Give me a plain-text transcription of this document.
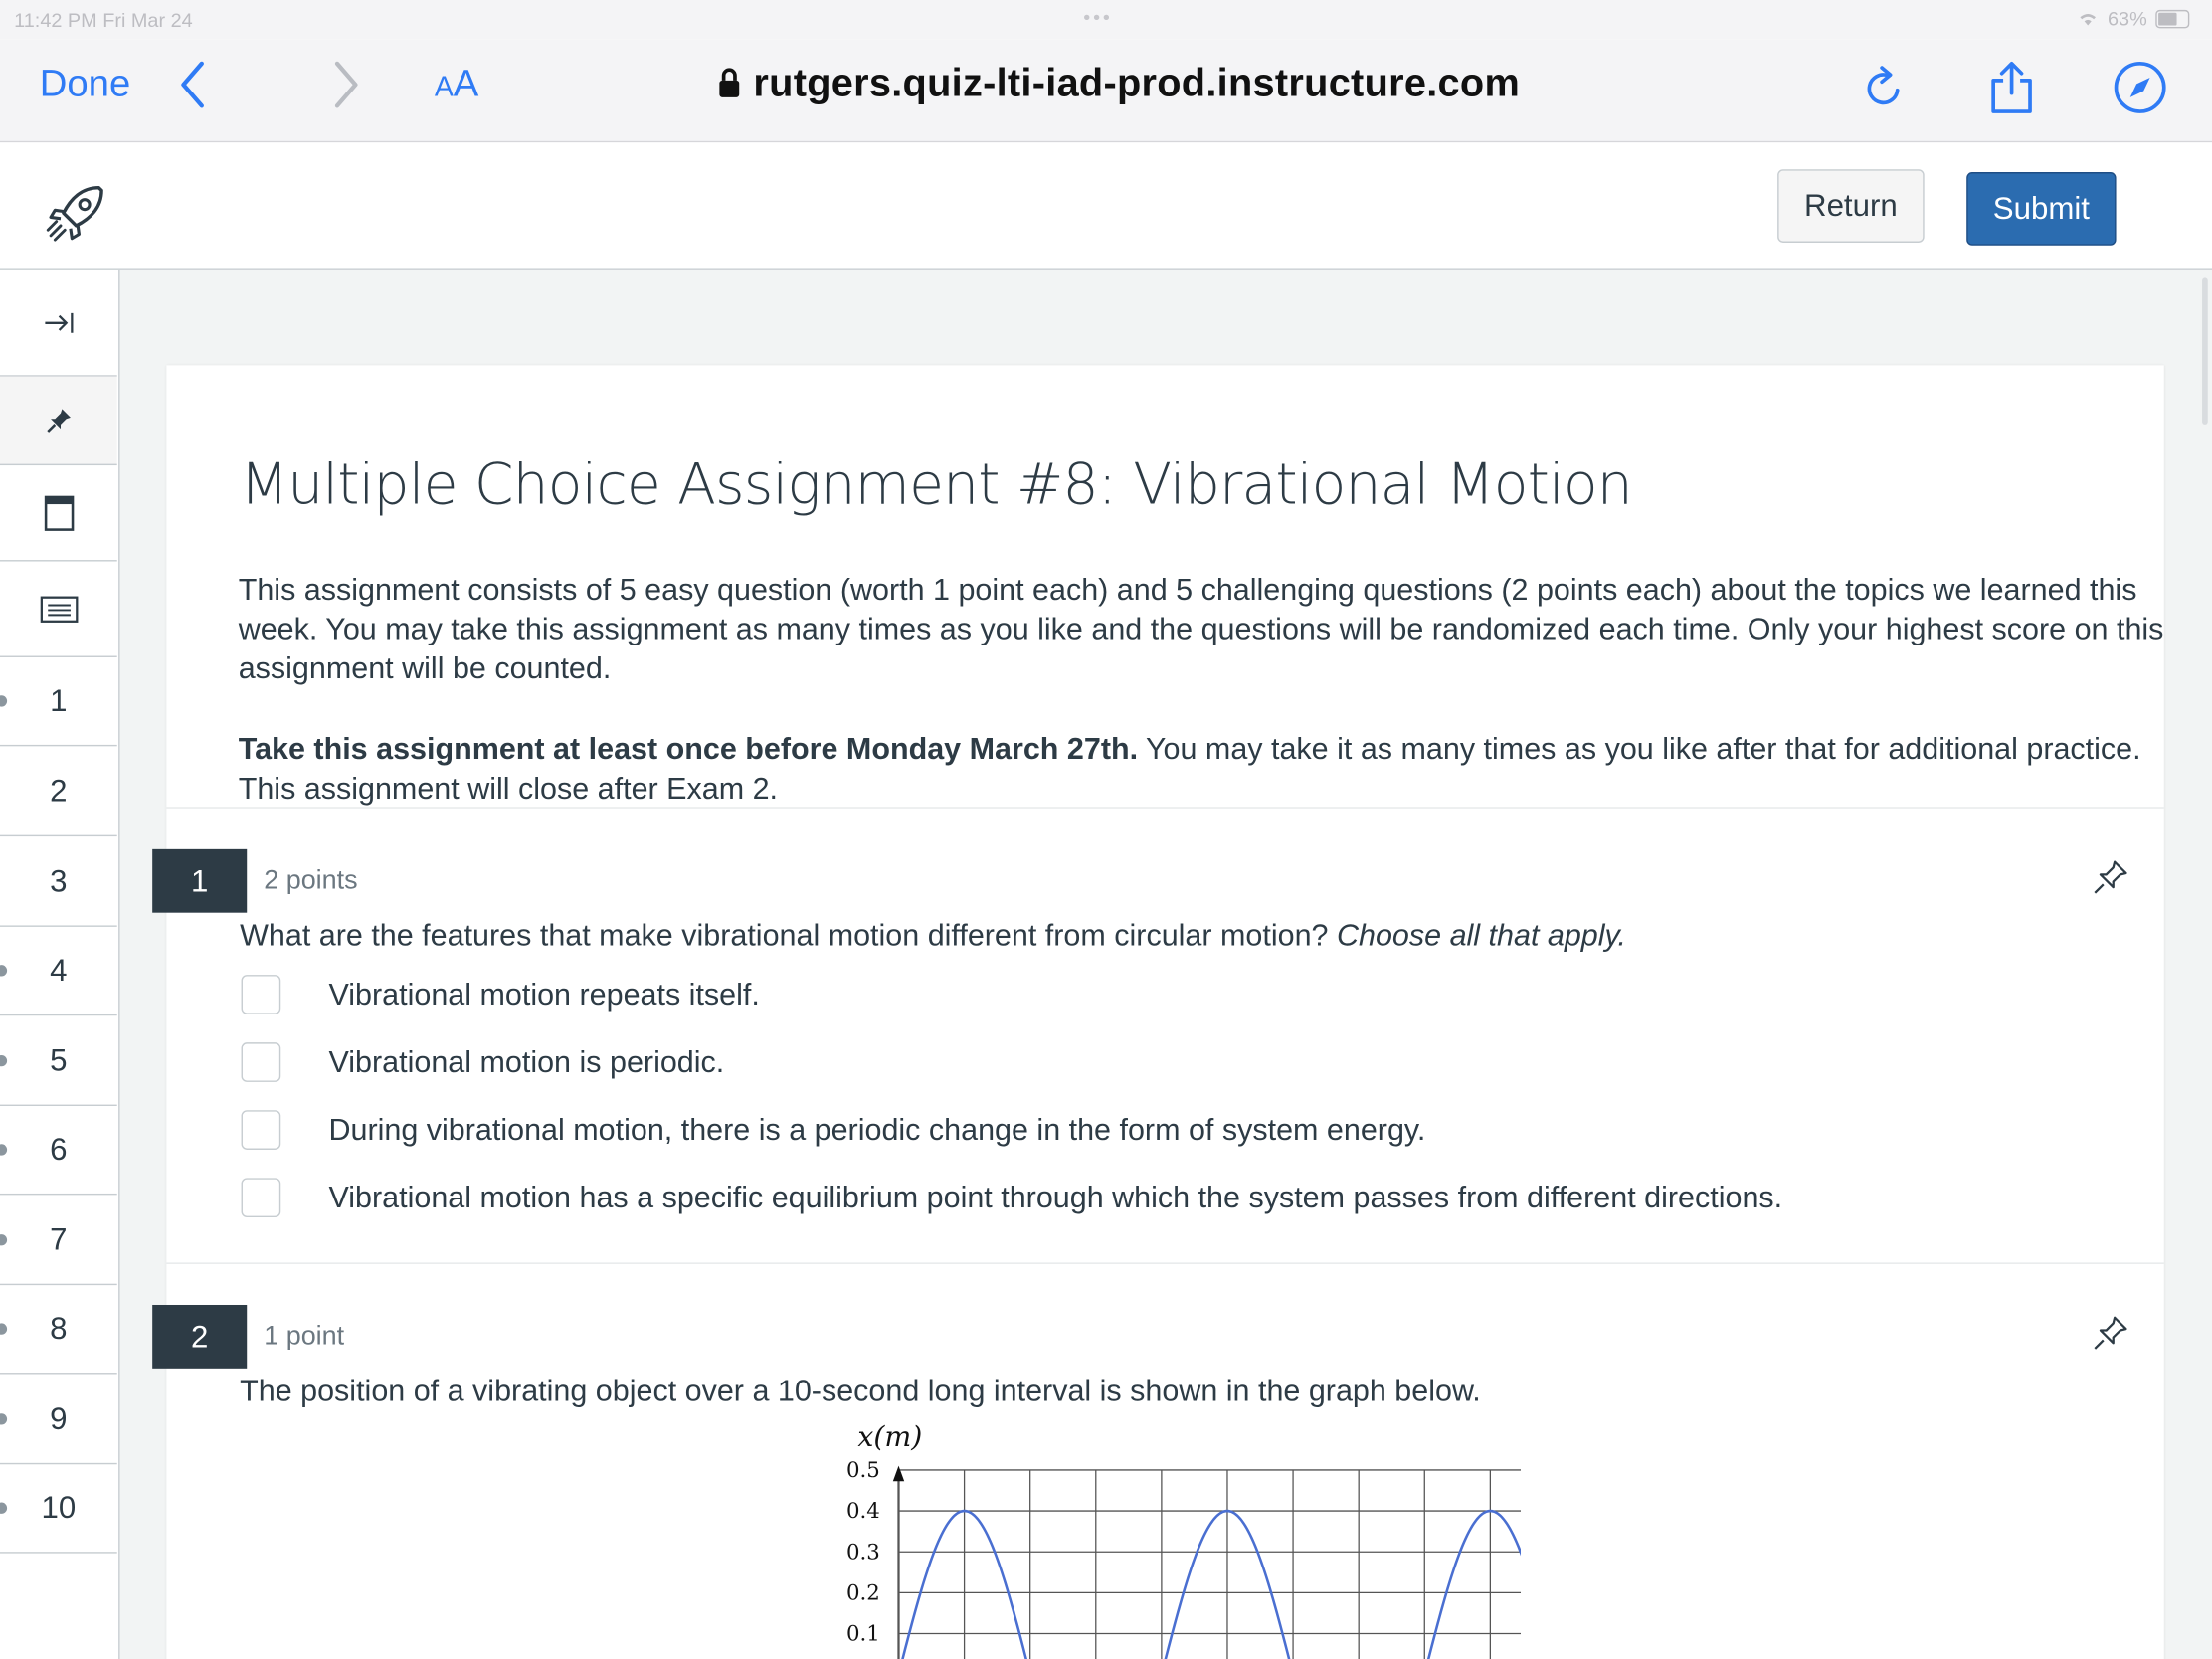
11:42 PM Fri Mar 24	•••	63%
Done	AA	rutgers.quiz-lti-iad-prod.instructure.com
Return	Submit
1
2
3
4
5
6
7
8
9
10
Multiple Choice Assignment #8: Vibrational Motion
This assignment consists of 5 easy question (worth 1 point each) and 5 challenging questions (2 points each) about the topics we learned this week. You may take this assignment as many times as you like and the questions will be randomized each time. Only your highest score on this assignment will be counted.
Take this assignment at least once before Monday March 27th. You may take it as many times as you like after that for additional practice. This assignment will close after Exam 2.
1	2 points
What are the features that make vibrational motion different from circular motion? Choose all that apply.
Vibrational motion repeats itself.
Vibrational motion is periodic.
During vibrational motion, there is a periodic change in the form of system energy.
Vibrational motion has a specific equilibrium point through which the system passes from different directions.
2	1 point
The position of a vibrating object over a 10-second long interval is shown in the graph below.
x(m)
0.5
0.4
0.3
0.2
0.1
